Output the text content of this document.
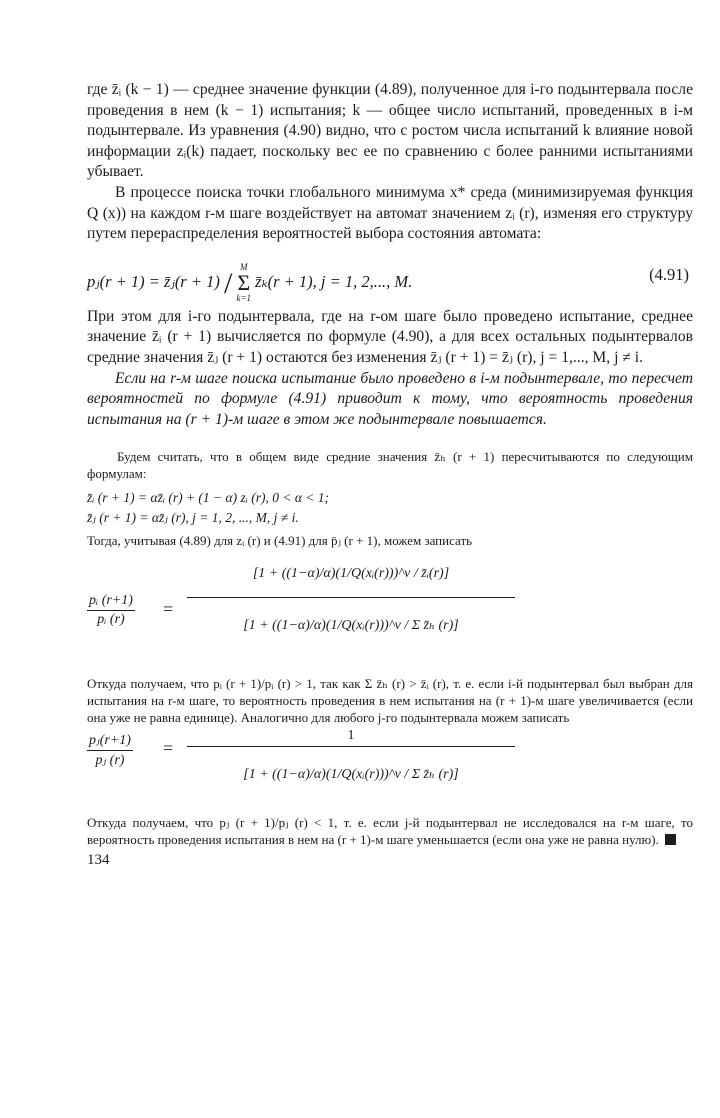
где z̄ᵢ (k − 1) — среднее значение функции (4.89), полученное для i-го подынтервала после проведения в нем (k − 1) испытания; k — общее число испытаний, проведенных в i-м подынтервале. Из уравнения (4.90) видно, что с ростом числа испытаний k влияние новой информации zᵢ(k) падает, поскольку вес ее по сравнению с более ранними испытаниями убывает.

В процессе поиска точки глобального минимума x* среда (минимизируемая функция Q (x)) на каждом r-м шаге воздействует на автомат значением zᵢ (r), изменяя его структуру путем перераспределения вероятностей выбора состояния автомата:

pⱼ(r + 1) = z̄ⱼ(r + 1) / M
Σ
k=1
z̄ₖ(r + 1), j = 1, 2,..., M.	(4.91)

При этом для i-го подынтервала, где на r-ом шаге было проведено испытание, среднее значение z̄ᵢ (r + 1) вычисляется по формуле (4.90), а для всех остальных подынтервалов средние значения z̄ⱼ (r + 1) остаются без изменения z̄ⱼ (r + 1) = z̄ⱼ (r), j = 1,..., M, j ≠ i.

Если на r-м шаге поиска испытание было проведено в i-м подынтервале, то пересчет вероятностей по формуле (4.91) приводит к тому, что вероятность проведения испытания на (r + 1)-м шаге в этом же подынтервале повышается.

Будем считать, что в общем виде средние значения z̄ₕ (r + 1) пересчитываются по следующим формулам:

z̄ᵢ (r + 1) = αz̄ᵢ (r) + (1 − α) zᵢ (r), 0 < α < 1;

z̄ⱼ (r + 1) = αz̄ⱼ (r), j = 1, 2, ..., M, j ≠ i.

Тогда, учитывая (4.89) для zᵢ (r) и (4.91) для p̄ⱼ (r + 1), можем записать

$\frac{\text{pᵢ (r+1)}}{\text{pᵢ (r)}}$ =
[1 + ((1−α)/α)(1/Q(xᵢ(r)))^ν / z̄ᵢ(r)]
[1 + ((1−α)/α)(1/Q(xᵢ(r)))^ν / Σ z̄ₕ (r)]

Откуда получаем, что pᵢ (r + 1)/pᵢ (r) > 1, так как Σ z̄ₕ (r) > z̄ᵢ (r), т. е. если i-й подынтервал был выбран для испытания на r-м шаге, то вероятность проведения в нем испытания на (r + 1)-м шаге увеличивается (если она уже не равна единице). Аналогично для любого j-го подынтервала можем записать

$\frac{\text{pⱼ(r+1)}}{\text{pⱼ (r)}}$ =
1
[1 + ((1−α)/α)(1/Q(xᵢ(r)))^ν / Σ z̄ₕ (r)]

Откуда получаем, что pⱼ (r + 1)/pⱼ (r) < 1, т. е. если j-й подынтервал не исследовался на r-м шаге, то вероятность проведения испытания в нем на (r + 1)-м шаге уменьшается (если она уже не равна нулю).

134
